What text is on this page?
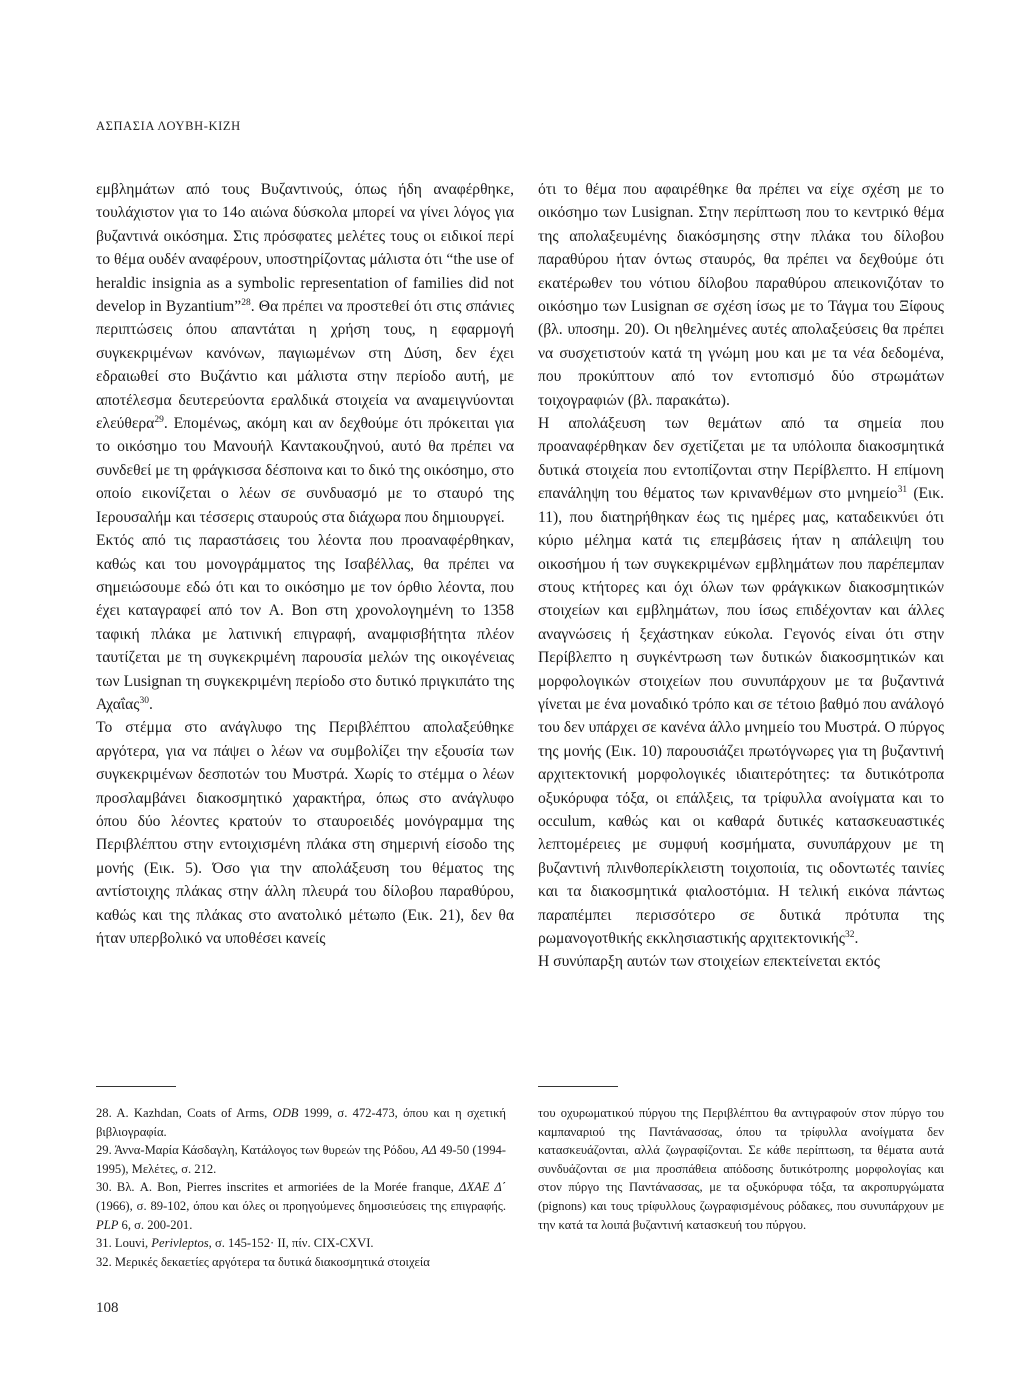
ΑΣΠΑΣΙΑ ΛΟΥΒΗ-ΚΙΖΗ

εμβλημάτων από τους Βυζαντινούς, όπως ήδη αναφέρθηκε, τουλάχιστον για το 14ο αιώνα δύσκολα μπορεί να γίνει λόγος για βυζαντινά οικόσημα. Στις πρόσφατες μελέτες τους οι ειδικοί περί το θέμα ουδέν αναφέρουν, υποστηρίζοντας μάλιστα ότι “the use of heraldic insignia as a symbolic representation of families did not develop in Byzantium”$^{28}$. Θα πρέπει να προστεθεί ότι στις σπάνιες περιπτώσεις όπου απαντάται η χρήση τους, η εφαρμογή συγκεκριμένων κανόνων, παγιωμένων στη Δύση, δεν έχει εδραιωθεί στο Βυζάντιο και μάλιστα στην περίοδο αυτή, με αποτέλεσμα δευτερεύοντα εραλδικά στοιχεία να αναμειγνύονται ελεύθερα$^{29}$. Επομένως, ακόμη και αν δεχθούμε ότι πρόκειται για το οικόσημο του Μανουήλ Καντακουζηνού, αυτό θα πρέπει να συνδεθεί με τη φράγκισσα δέσποινα και το δικό της οικόσημο, στο οποίο εικονίζεται ο λέων σε συνδυασμό με το σταυρό της Ιερουσαλήμ και τέσσερις σταυρούς στα διάχωρα που δημιουργεί.

Εκτός από τις παραστάσεις του λέοντα που προαναφέρθηκαν, καθώς και του μονογράμματος της Ισαβέλλας, θα πρέπει να σημειώσουμε εδώ ότι και το οικόσημο με τον όρθιο λέοντα, που έχει καταγραφεί από τον A. Bon στη χρονολογημένη το 1358 ταφική πλάκα με λατινική επιγραφή, αναμφισβήτητα πλέον ταυτίζεται με τη συγκεκριμένη παρουσία μελών της οικογένειας των Lusignan τη συγκεκριμένη περίοδο στο δυτικό πριγκιπάτο της Αχαΐας$^{30}$.

Το στέμμα στο ανάγλυφο της Περιβλέπτου απολαξεύθηκε αργότερα, για να πάψει ο λέων να συμβολίζει την εξουσία των συγκεκριμένων δεσποτών του Μυστρά. Χωρίς το στέμμα ο λέων προσλαμβάνει διακοσμητικό χαρακτήρα, όπως στο ανάγλυφο όπου δύο λέοντες κρατούν το σταυροειδές μονόγραμμα της Περιβλέπτου στην εντοιχισμένη πλάκα στη σημερινή είσοδο της μονής (Εικ. 5). Όσο για την απολάξευση του θέματος της αντίστοιχης πλάκας στην άλλη πλευρά του δίλοβου παραθύρου, καθώς και της πλάκας στο ανατολικό μέτωπο (Εικ. 21), δεν θα ήταν υπερβολικό να υποθέσει κανείς

ότι το θέμα που αφαιρέθηκε θα πρέπει να είχε σχέση με το οικόσημο των Lusignan. Στην περίπτωση που το κεντρικό θέμα της απολαξευμένης διακόσμησης στην πλάκα του δίλοβου παραθύρου ήταν όντως σταυρός, θα πρέπει να δεχθούμε ότι εκατέρωθεν του νότιου δίλοβου παραθύρου απεικονιζόταν το οικόσημο των Lusignan σε σχέση ίσως με το Τάγμα του Ξίφους (βλ. υποσημ. 20). Οι ηθελημένες αυτές απολαξεύσεις θα πρέπει να συσχετιστούν κατά τη γνώμη μου και με τα νέα δεδομένα, που προκύπτουν από τον εντοπισμό δύο στρωμάτων τοιχογραφιών (βλ. παρακάτω).

Η απολάξευση των θεμάτων από τα σημεία που προαναφέρθηκαν δεν σχετίζεται με τα υπόλοιπα διακοσμητικά δυτικά στοιχεία που εντοπίζονται στην Περίβλεπτο. Η επίμονη επανάληψη του θέματος των κρινανθέμων στο μνημείο$^{31}$ (Εικ. 11), που διατηρήθηκαν έως τις ημέρες μας, καταδεικνύει ότι κύριο μέλημα κατά τις επεμβάσεις ήταν η απάλειψη του οικοσήμου ή των συγκεκριμένων εμβλημάτων που παρέπεμπαν στους κτήτορες και όχι όλων των φράγκικων διακοσμητικών στοιχείων και εμβλημάτων, που ίσως επιδέχονταν και άλλες αναγνώσεις ή ξεχάστηκαν εύκολα. Γεγονός είναι ότι στην Περίβλεπτο η συγκέντρωση των δυτικών διακοσμητικών και μορφολογικών στοιχείων που συνυπάρχουν με τα βυζαντινά γίνεται με ένα μοναδικό τρόπο και σε τέτοιο βαθμό που ανάλογό του δεν υπάρχει σε κανένα άλλο μνημείο του Μυστρά. Ο πύργος της μονής (Εικ. 10) παρουσιάζει πρωτόγνωρες για τη βυζαντινή αρχιτεκτονική μορφολογικές ιδιαιτερότητες: τα δυτικότροπα οξυκόρυφα τόξα, οι επάλξεις, τα τρίφυλλα ανοίγματα και το occulum, καθώς και οι καθαρά δυτικές κατασκευαστικές λεπτομέρειες με συμφυή κοσμήματα, συνυπάρχουν με τη βυζαντινή πλινθοπερίκλειστη τοιχοποιία, τις οδοντωτές ταινίες και τα διακοσμητικά φιαλοστόμια. Η τελική εικόνα πάντως παραπέμπει περισσότερο σε δυτικά πρότυπα της ρωμανογοτθικής εκκλησιαστικής αρχιτεκτονικής$^{32}$.

Η συνύπαρξη αυτών των στοιχείων επεκτείνεται εκτός

28. A. Kazhdan, Coats of Arms, ODB 1999, σ. 472-473, όπου και η σχετική βιβλιογραφία.

29. Άννα-Μαρία Κάσδαγλη, Κατάλογος των θυρεών της Ρόδου, ΑΔ 49-50 (1994-1995), Μελέτες, σ. 212.

30. Βλ. A. Bon, Pierres inscrites et armoriées de la Morée franque, ΔΧΑΕ Δ΄ (1966), σ. 89-102, όπου και όλες οι προηγούμενες δημοσιεύσεις της επιγραφής. PLP 6, σ. 200-201.

31. Louvi, Perivleptos, σ. 145-152· II, πίν. CIX-CXVI.

32. Μερικές δεκαετίες αργότερα τα δυτικά διακοσμητικά στοιχεία

του οχυρωματικού πύργου της Περιβλέπτου θα αντιγραφούν στον πύργο του καμπαναριού της Παντάνασσας, όπου τα τρίφυλλα ανοίγματα δεν κατασκευάζονται, αλλά ζωγραφίζονται. Σε κάθε περίπτωση, τα θέματα αυτά συνδυάζονται σε μια προσπάθεια απόδοσης δυτικότροπης μορφολογίας και στον πύργο της Παντάνασσας, με τα οξυκόρυφα τόξα, τα ακροπυργώματα (pignons) και τους τρίφυλλους ζωγραφισμένους ρόδακες, που συνυπάρχουν με την κατά τα λοιπά βυζαντινή κατασκευή του πύργου.

108
